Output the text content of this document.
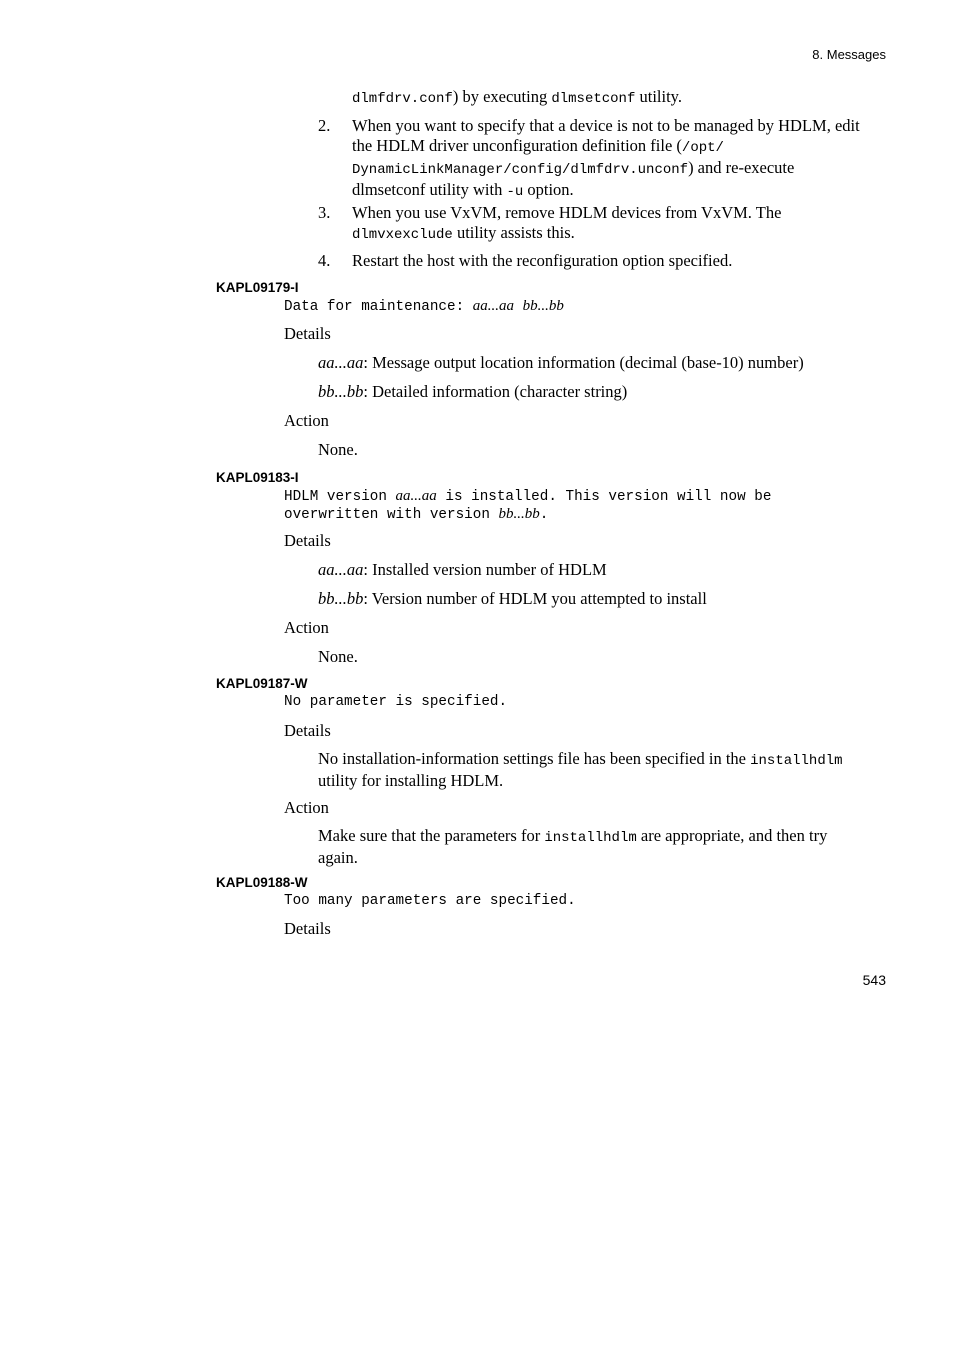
8. Messages
dlmfdrv.conf) by executing dlmsetconf utility.
2. When you want to specify that a device is not to be managed by HDLM, edit
the HDLM driver unconfiguration definition file (/opt/
DynamicLinkManager/config/dlmfdrv.unconf) and re-execute
dlmsetconf utility with -u option.
3. When you use VxVM, remove HDLM devices from VxVM. The
dlmvxexclude utility assists this.
4. Restart the host with the reconfiguration option specified.
KAPL09179-I
Data for maintenance: aa...aa bb...bb
Details
aa...aa: Message output location information (decimal (base-10) number)
bb...bb: Detailed information (character string)
Action
None.
KAPL09183-I
HDLM version aa...aa is installed. This version will now be
overwritten with version bb...bb.
Details
aa...aa: Installed version number of HDLM
bb...bb: Version number of HDLM you attempted to install
Action
None.
KAPL09187-W
No parameter is specified.
Details
No installation-information settings file has been specified in the installhdlm
utility for installing HDLM.
Action
Make sure that the parameters for installhdlm are appropriate, and then try
again.
KAPL09188-W
Too many parameters are specified.
Details
543
